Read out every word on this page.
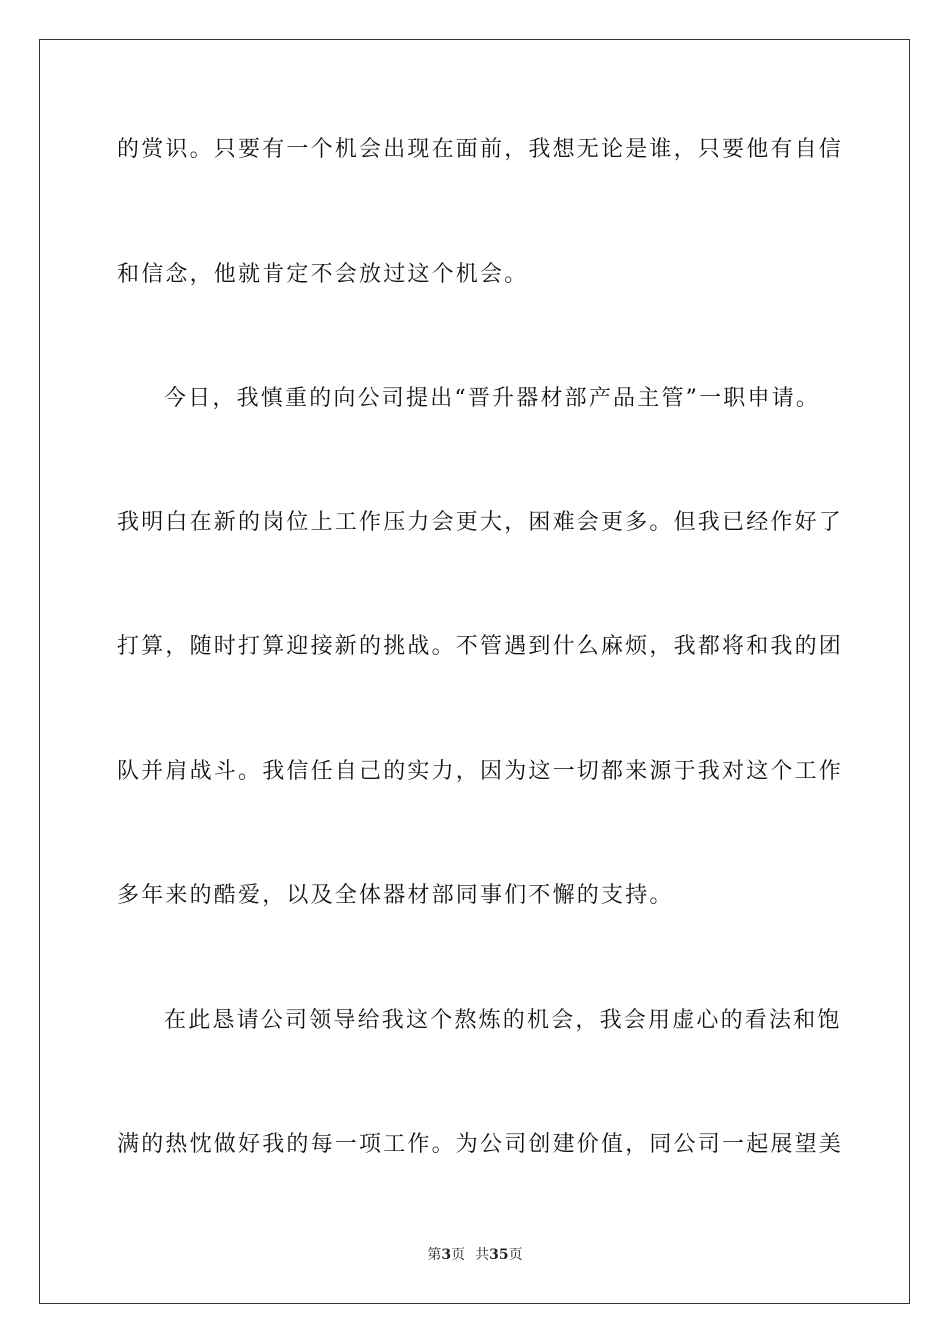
的赏识。只要有一个机会出现在面前，我想无论是谁，只要他有自信
和信念，他就肯定不会放过这个机会。
今日，我慎重的向公司提出“晋升器材部产品主管”一职申请。
我明白在新的岗位上工作压力会更大，困难会更多。但我已经作好了
打算，随时打算迎接新的挑战。不管遇到什么麻烦，我都将和我的团
队并肩战斗。我信任自己的实力，因为这一切都来源于我对这个工作
多年来的酷爱，以及全体器材部同事们不懈的支持。
在此恳请公司领导给我这个熬炼的机会，我会用虚心的看法和饱
满的热忱做好我的每一项工作。为公司创建价值，同公司一起展望美
第3页 共35页
